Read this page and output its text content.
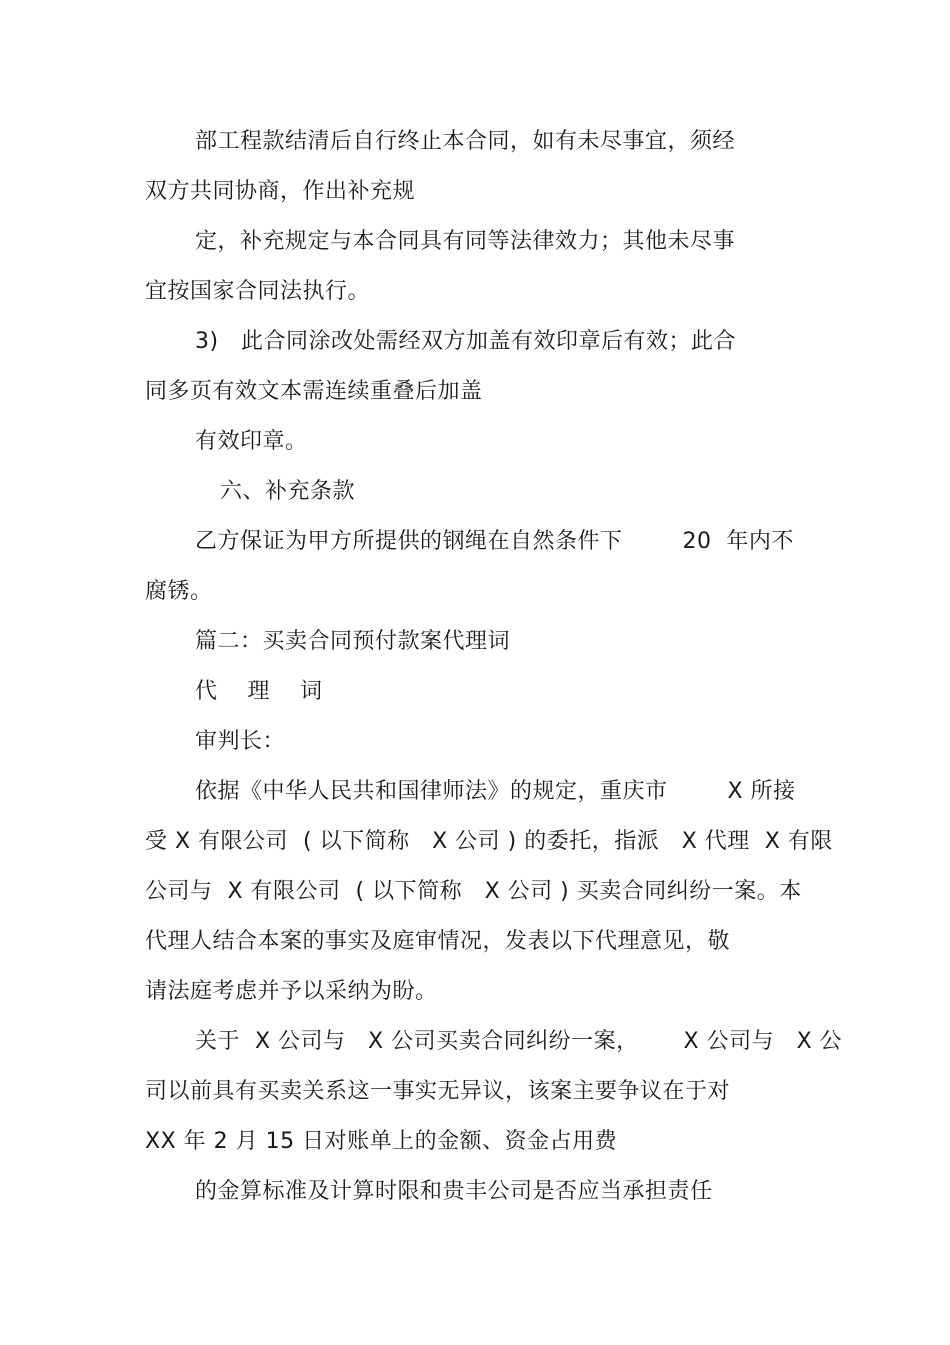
部工程款结清后自行终止本合同，如有未尽事宜，须经
双方共同协商，作出补充规
定，补充规定与本合同具有同等法律效力；其他未尽事
宜按国家合同法执行。
3)   此合同涂改处需经双方加盖有效印章后有效；此合
同多页有效文本需连续重叠后加盖
有效印章。
六、补充条款
乙方保证为甲方所提供的钢绳在自然条件下        20  年内不
腐锈。
篇二：买卖合同预付款案代理词
代    理    词
审判长：
依据《中华人民共和国律师法》的规定，重庆市        X 所接
受 X 有限公司  ( 以下简称   X 公司 ) 的委托，指派   X 代理  X 有限
公司与  X 有限公司  ( 以下简称   X 公司 ) 买卖合同纠纷一案。本
代理人结合本案的事实及庭审情况，发表以下代理意见，敬
请法庭考虑并予以采纳为盼。
关于  X 公司与   X 公司买卖合同纠纷一案，      X 公司与   X 公
司以前具有买卖关系这一事实无异议，该案主要争议在于对
XX 年 2 月 15 日对账单上的金额、资金占用费
的金算标准及计算时限和贵丰公司是否应当承担责任
